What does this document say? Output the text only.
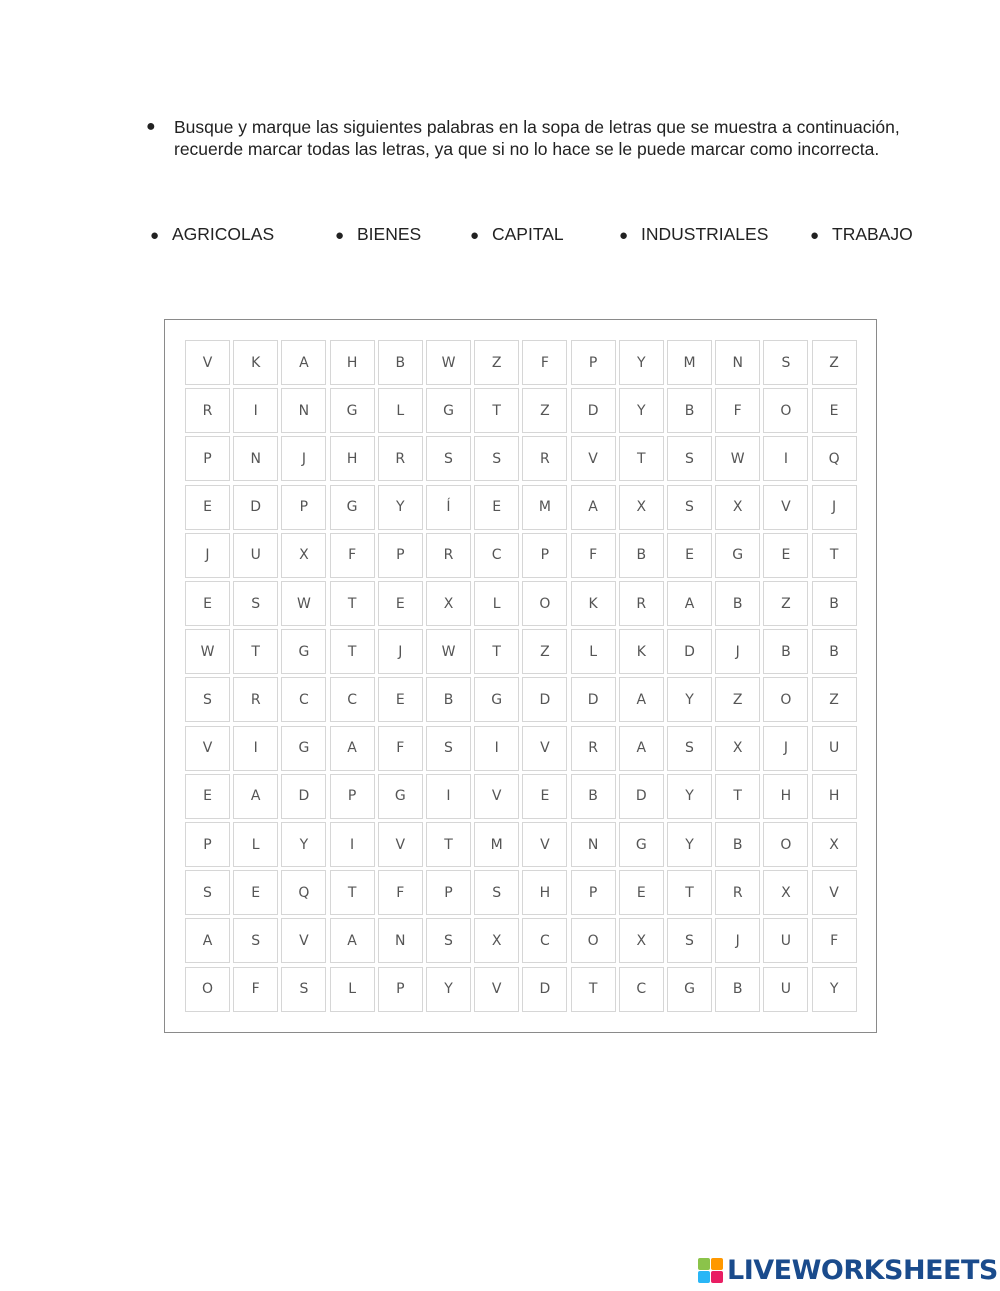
● Busque y marque las siguientes palabras en la sopa de letras que se muestra a continuación, recuerde marcar todas las letras, ya que si no lo hace se le puede marcar como incorrecta.
● AGRICOLAS	● BIENES	● CAPITAL	● INDUSTRIALES	● TRABAJO
V	K	A	H	B	W	Z	F	P	Y	M	N	S	Z
R	I	N	G	L	G	T	Z	D	Y	B	F	O	E
P	N	J	H	R	S	S	R	V	T	S	W	I	Q
E	D	P	G	Y	Í	E	M	A	X	S	X	V	J
J	U	X	F	P	R	C	P	F	B	E	G	E	T
E	S	W	T	E	X	L	O	K	R	A	B	Z	B
W	T	G	T	J	W	T	Z	L	K	D	J	B	B
S	R	C	C	E	B	G	D	D	A	Y	Z	O	Z
V	I	G	A	F	S	I	V	R	A	S	X	J	U
E	A	D	P	G	I	V	E	B	D	Y	T	H	H
P	L	Y	I	V	T	M	V	N	G	Y	B	O	X
S	E	Q	T	F	P	S	H	P	E	T	R	X	V
A	S	V	A	N	S	X	C	O	X	S	J	U	F
O	F	S	L	P	Y	V	D	T	C	G	B	U	Y
LIVEWORKSHEETS
